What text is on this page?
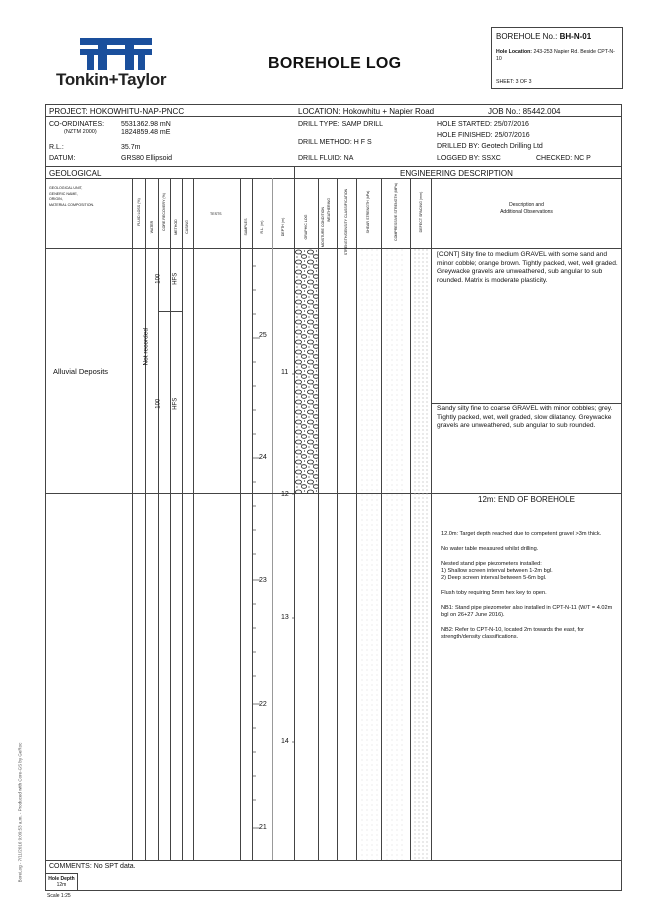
Tonkin+Taylor
BOREHOLE LOG
BOREHOLE No.: BH-N-01
Hole Location: 243-253 Napier Rd. Beside CPT-N-10
SHEET: 3 OF 3
PROJECT: HOKOWHITU-NAP-PNCC	LOCATION: Hokowhitu + Napier Road	JOB No.: 85442.004
CO-ORDINATES:
(NZTM 2000)
5531362.98 mN
1824859.48 mE
R.L.:	35.7m
DATUM:	GRS80 Ellipsoid
DRILL TYPE: SAMP DRILL
DRILL METHOD: H F S
DRILL FLUID: NA
HOLE STARTED: 25/07/2016
HOLE FINISHED: 25/07/2016
DRILLED BY: Geotech Drilling Ltd
LOGGED BY: SSXC	CHECKED: NC P
GEOLOGICAL	ENGINEERING DESCRIPTION
GEOLOGICAL UNIT,
GENERIC NAME,
ORIGIN,
MATERIAL COMPOSITION.	FLUID LOSS (%)
WATER CORE RECOVERY (%) METHOD CASING
TESTS
SAMPLES	R.L. (m)	DEPTH (m)	GRAPHIC LOG	MOISTURE CONDITION WEATHERING	STRENGTH/DENSITY CLASSIFICATION	SHEAR STRENGTH (kPa)	COMPRESSIVE STRENGTH (MPa)	DEFECT SPACING (mm)	Description and
Additional Observations
Alluvial Deposits
Not recorded
100 HFS
100 HFS
25
24
23
22
21
11
12
13
14
[CONT] Silty fine to medium GRAVEL with some sand and minor cobble; orange brown. Tightly packed, wet, well graded. Greywacke gravels are unweathered, sub angular to sub rounded. Matrix is moderate plasticity.
Sandy silty fine to coarse GRAVEL with minor cobbles; grey. Tightly packed, wet, well graded, slow dilatancy. Greywacke gravels are unweathered, sub angular to sub rounded.
12m: END OF BOREHOLE
12.0m: Target depth reached due to competent gravel >3m thick.
No water table measured whilst drilling.
Nested stand pipe piezometers installed:
1) Shallow screen interval between 1-2m bgl.
2) Deep screen interval between 5-6m bgl.
Flush toby requiring 5mm hex key to open.
NB1: Stand pipe piezometer also installed in CPT-N-11 (W/T = 4.02m bgl on 26+27 June 2016).
NB2: Refer to CPT-N-10, located 2m towards the east, for strength/density classifications.
COMMENTS: No SPT data.
Hole Depth
12m
Scale 1:25
BoreLog - 7/11/2016 9:09:53 a.m. - Produced with Core-GS by GeRoc
